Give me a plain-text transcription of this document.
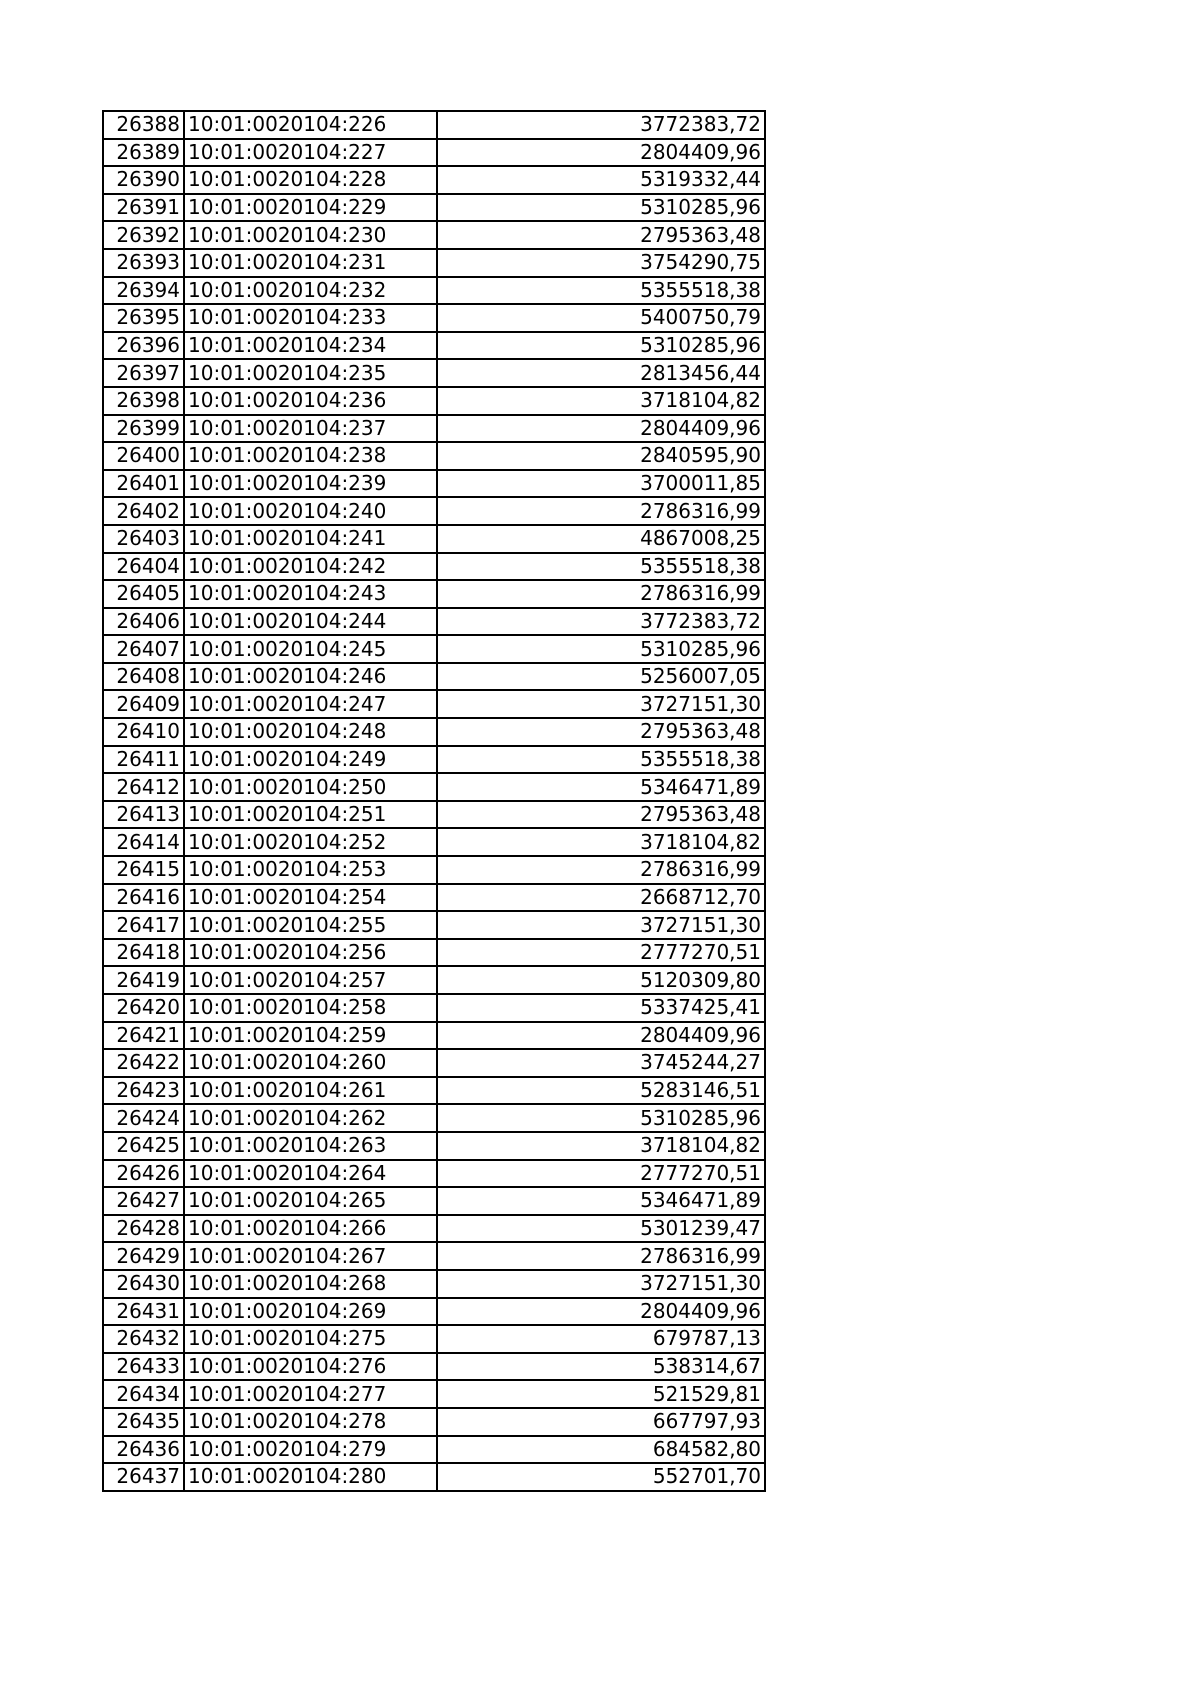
26388	10:01:0020104:226	3772383,72
26389	10:01:0020104:227	2804409,96
26390	10:01:0020104:228	5319332,44
26391	10:01:0020104:229	5310285,96
26392	10:01:0020104:230	2795363,48
26393	10:01:0020104:231	3754290,75
26394	10:01:0020104:232	5355518,38
26395	10:01:0020104:233	5400750,79
26396	10:01:0020104:234	5310285,96
26397	10:01:0020104:235	2813456,44
26398	10:01:0020104:236	3718104,82
26399	10:01:0020104:237	2804409,96
26400	10:01:0020104:238	2840595,90
26401	10:01:0020104:239	3700011,85
26402	10:01:0020104:240	2786316,99
26403	10:01:0020104:241	4867008,25
26404	10:01:0020104:242	5355518,38
26405	10:01:0020104:243	2786316,99
26406	10:01:0020104:244	3772383,72
26407	10:01:0020104:245	5310285,96
26408	10:01:0020104:246	5256007,05
26409	10:01:0020104:247	3727151,30
26410	10:01:0020104:248	2795363,48
26411	10:01:0020104:249	5355518,38
26412	10:01:0020104:250	5346471,89
26413	10:01:0020104:251	2795363,48
26414	10:01:0020104:252	3718104,82
26415	10:01:0020104:253	2786316,99
26416	10:01:0020104:254	2668712,70
26417	10:01:0020104:255	3727151,30
26418	10:01:0020104:256	2777270,51
26419	10:01:0020104:257	5120309,80
26420	10:01:0020104:258	5337425,41
26421	10:01:0020104:259	2804409,96
26422	10:01:0020104:260	3745244,27
26423	10:01:0020104:261	5283146,51
26424	10:01:0020104:262	5310285,96
26425	10:01:0020104:263	3718104,82
26426	10:01:0020104:264	2777270,51
26427	10:01:0020104:265	5346471,89
26428	10:01:0020104:266	5301239,47
26429	10:01:0020104:267	2786316,99
26430	10:01:0020104:268	3727151,30
26431	10:01:0020104:269	2804409,96
26432	10:01:0020104:275	679787,13
26433	10:01:0020104:276	538314,67
26434	10:01:0020104:277	521529,81
26435	10:01:0020104:278	667797,93
26436	10:01:0020104:279	684582,80
26437	10:01:0020104:280	552701,70
